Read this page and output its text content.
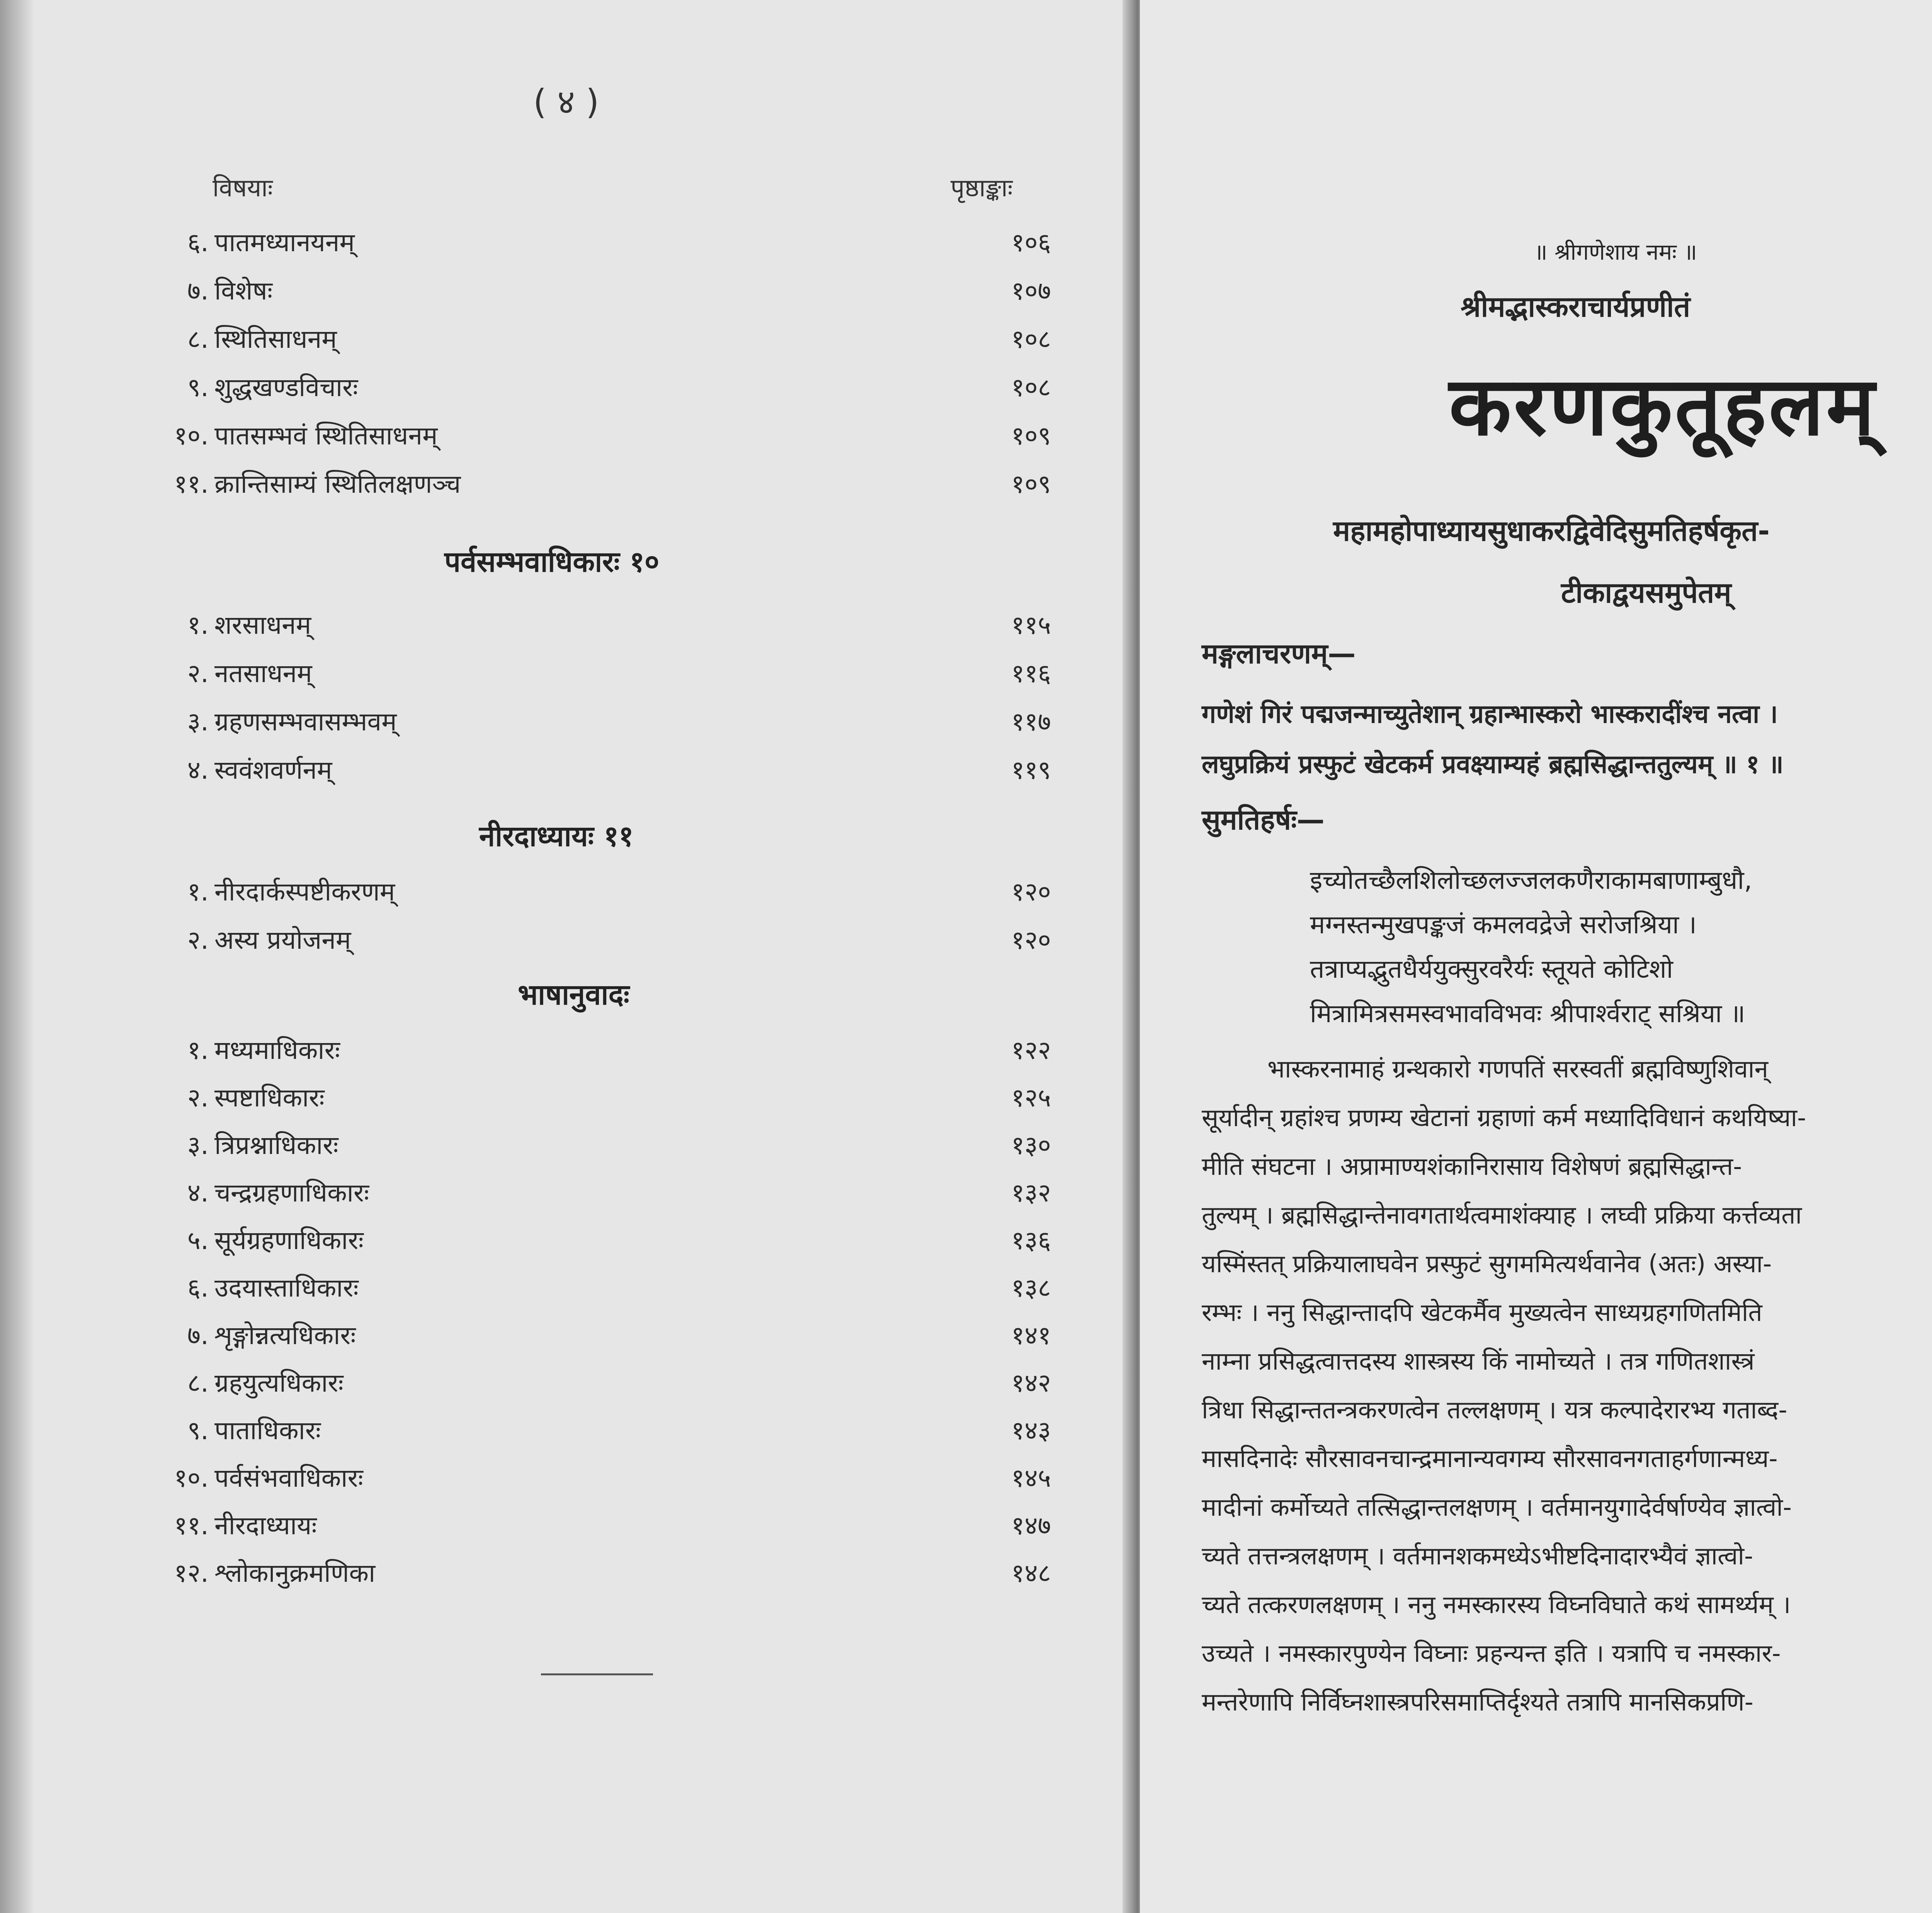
( ४ )
विषयाः	पृष्ठाङ्काः
६. पातमध्यानयनम्	१०६
७. विशेषः	१०७
८. स्थितिसाधनम्	१०८
९. शुद्धखण्डविचारः	१०८
१०. पातसम्भवं स्थितिसाधनम्	१०९
११. क्रान्तिसाम्यं स्थितिलक्षणञ्च	१०९
पर्वसम्भवाधिकारः १०
१. शरसाधनम्	११५
२. नतसाधनम्	११६
३. ग्रहणसम्भवासम्भवम्	११७
४. स्ववंशवर्णनम्	११९
नीरदाध्यायः ११
१. नीरदार्कस्पष्टीकरणम्	१२०
२. अस्य प्रयोजनम्	१२०
भाषानुवादः
१. मध्यमाधिकारः	१२२
२. स्पष्टाधिकारः	१२५
३. त्रिप्रश्नाधिकारः	१३०
४. चन्द्रग्रहणाधिकारः	१३२
५. सूर्यग्रहणाधिकारः	१३६
६. उदयास्ताधिकारः	१३८
७. शृङ्गोन्नत्यधिकारः	१४१
८. ग्रहयुत्यधिकारः	१४२
९. पाताधिकारः	१४३
१०. पर्वसंभवाधिकारः	१४५
११. नीरदाध्यायः	१४७
१२. श्लोकानुक्रमणिका	१४८
॥ श्रीगणेशाय नमः ॥
श्रीमद्भास्कराचार्यप्रणीतं
करणकुतूहलम्
महामहोपाध्यायसुधाकरद्विवेदिसुमतिहर्षकृत-
टीकाद्वयसमुपेतम्
मङ्गलाचरणम्—
गणेशं गिरं पद्मजन्माच्युतेशान् ग्रहान्भास्करो भास्करादींश्च नत्वा ।
लघुप्रक्रियं प्रस्फुटं खेटकर्म प्रवक्ष्याम्यहं ब्रह्मसिद्धान्ततुल्यम् ॥ १ ॥
सुमतिहर्षः—
इच्योतच्छैलशिलोच्छलज्जलकणैराकामबाणाम्बुधौ,
मग्नस्तन्मुखपङ्कजं कमलवद्रेजे सरोजश्रिया ।
तत्राप्यद्भुतधैर्ययुक्सुरवरैर्यः स्तूयते कोटिशो
मित्रामित्रसमस्वभावविभवः श्रीपार्श्वराट् सश्रिया ॥
भास्करनामाहं ग्रन्थकारो गणपतिं सरस्वतीं ब्रह्मविष्णुशिवान्
सूर्यादीन् ग्रहांश्च प्रणम्य खेटानां ग्रहाणां कर्म मध्यादिविधानं कथयिष्या-
मीति संघटना । अप्रामाण्यशंकानिरासाय विशेषणं ब्रह्मसिद्धान्त-
तुल्यम् । ब्रह्मसिद्धान्तेनावगतार्थत्वमाशंक्याह । लघ्वी प्रक्रिया कर्त्तव्यता
यस्मिंस्तत् प्रक्रियालाघवेन प्रस्फुटं सुगममित्यर्थवानेव (अतः) अस्या-
रम्भः । ननु सिद्धान्तादपि खेटकर्मैव मुख्यत्वेन साध्यग्रहगणितमिति
नाम्ना प्रसिद्धत्वात्तदस्य शास्त्रस्य किं नामोच्यते । तत्र गणितशास्त्रं
त्रिधा सिद्धान्ततन्त्रकरणत्वेन तल्लक्षणम् । यत्र कल्पादेरारभ्य गताब्द-
मासदिनादेः सौरसावनचान्द्रमानान्यवगम्य सौरसावनगताहर्गणान्मध्य-
मादीनां कर्मोच्यते तत्सिद्धान्तलक्षणम् । वर्तमानयुगादेर्वर्षाण्येव ज्ञात्वो-
च्यते तत्तन्त्रलक्षणम् । वर्तमानशकमध्येऽभीष्टदिनादारभ्यैवं ज्ञात्वो-
च्यते तत्करणलक्षणम् । ननु नमस्कारस्य विघ्नविघाते कथं सामर्थ्यम् ।
उच्यते । नमस्कारपुण्येन विघ्नाः प्रहन्यन्त इति । यत्रापि च नमस्कार-
मन्तरेणापि निर्विघ्नशास्त्रपरिसमाप्तिर्दृश्यते तत्रापि मानसिकप्रणि-
